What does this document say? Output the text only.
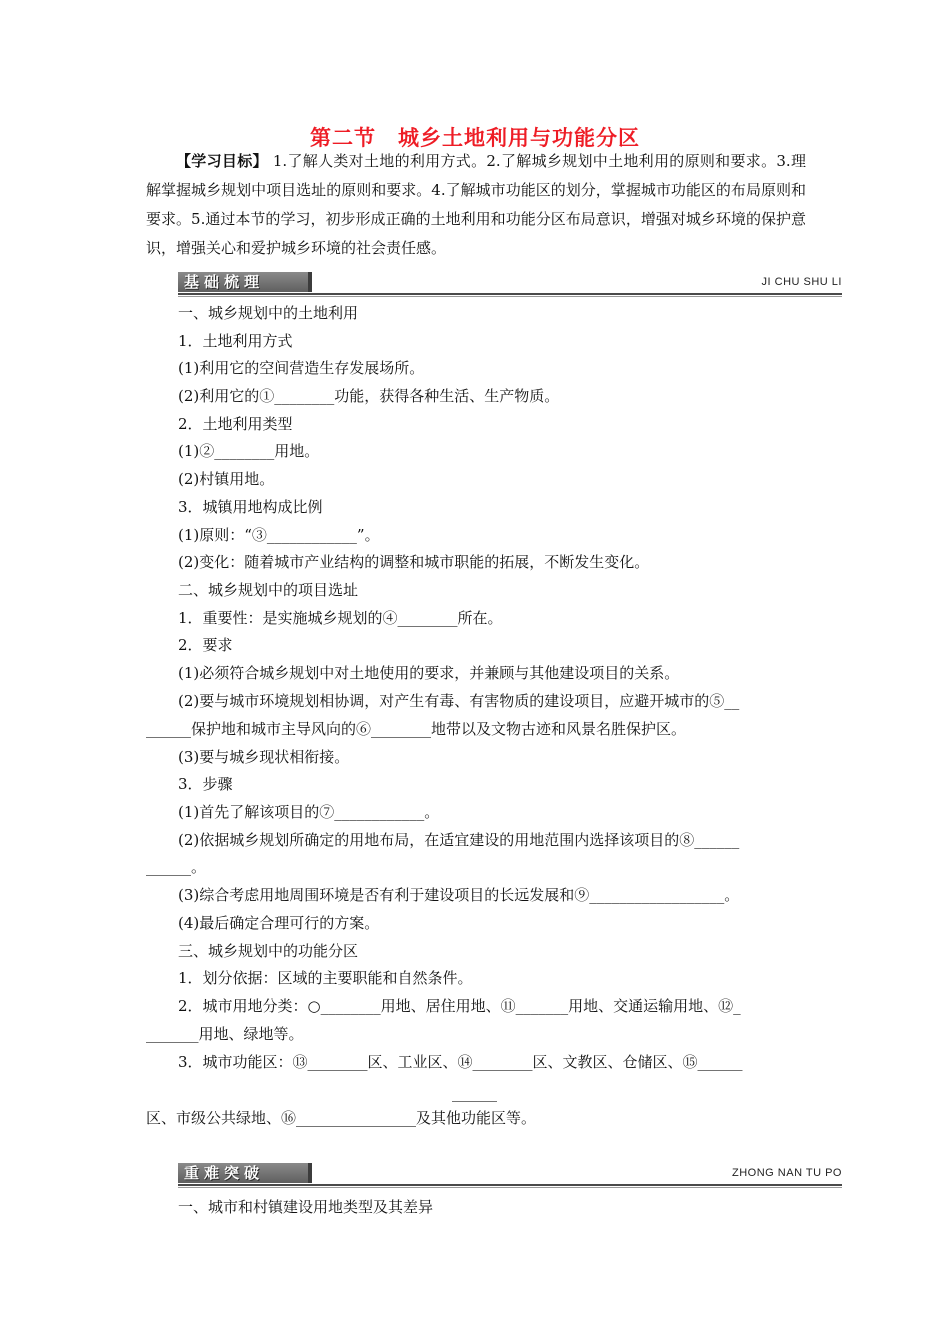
第二节　城乡土地利用与功能分区
【学习目标】 1.了解人类对土地的利用方式。2.了解城乡规划中土地利用的原则和要求。3.理解掌握城乡规划中项目选址的原则和要求。4.了解城市功能区的划分，掌握城市功能区的布局原则和要求。5.通过本节的学习，初步形成正确的土地利用和功能分区布局意识，增强对城乡环境的保护意识，增强关心和爱护城乡环境的社会责任感。
基础梳理	JI CHU SHU LI
一、城乡规划中的土地利用
1．土地利用方式
(1)利用它的空间营造生存发展场所。
(2)利用它的①________功能，获得各种生活、生产物质。
2．土地利用类型
(1)②________用地。
(2)村镇用地。
3．城镇用地构成比例
(1)原则：“③____________”。
(2)变化：随着城市产业结构的调整和城市职能的拓展，不断发生变化。
二、城乡规划中的项目选址
1．重要性：是实施城乡规划的④________所在。
2．要求
(1)必须符合城乡规划中对土地使用的要求，并兼顾与其他建设项目的关系。
(2)要与城市环境规划相协调，对产生有毒、有害物质的建设项目，应避开城市的⑤__
______保护地和城市主导风向的⑥________地带以及文物古迹和风景名胜保护区。
(3)要与城乡现状相衔接。
3．步骤
(1)首先了解该项目的⑦____________。
(2)依据城乡规划所确定的用地布局，在适宜建设的用地范围内选择该项目的⑧______
______。
(3)综合考虑用地周围环境是否有利于建设项目的长远发展和⑨__________________。
(4)最后确定合理可行的方案。
三、城乡规划中的功能分区
1．划分依据：区域的主要职能和自然条件。
2．城市用地分类：○________用地、居住用地、⑪_______用地、交通运输用地、⑫_
_______用地、绿地等。
3．城市功能区：⑬________区、工业区、⑭________区、文教区、仓储区、⑮______
______
区、市级公共绿地、⑯________________及其他功能区等。
重难突破	ZHONG NAN TU PO
一、城市和村镇建设用地类型及其差异
